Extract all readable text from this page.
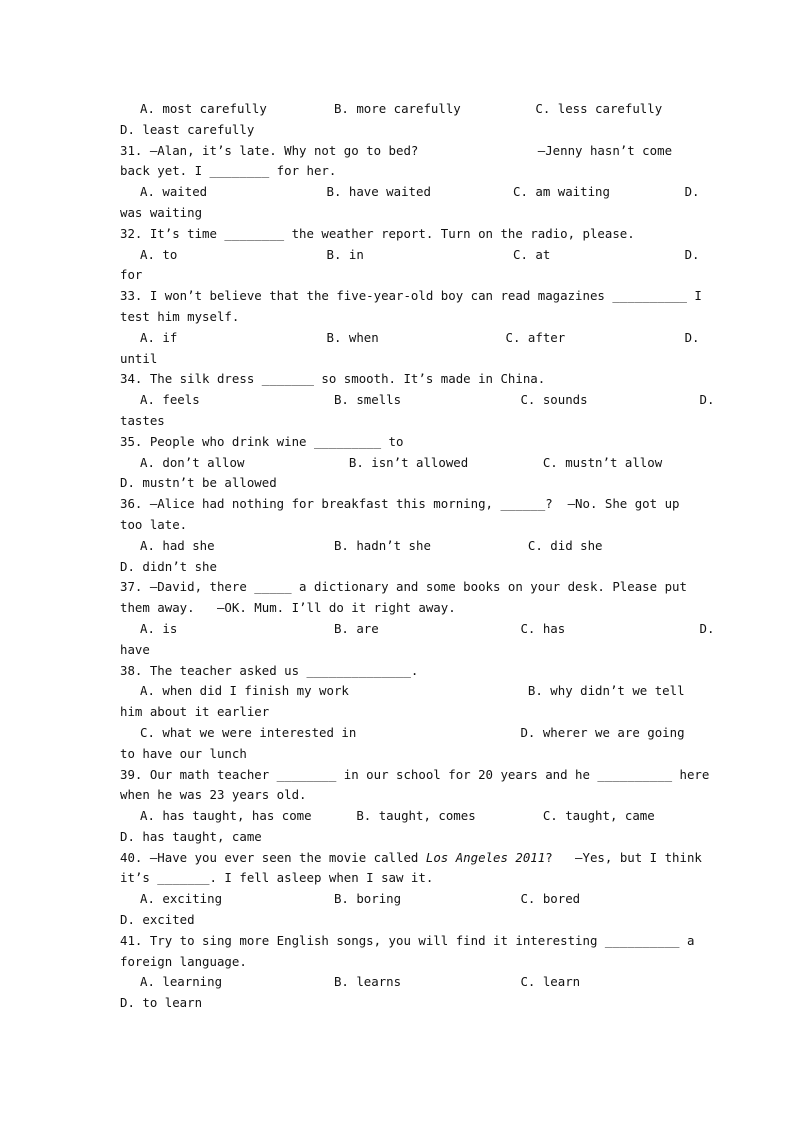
A. most carefully         B. more carefully          C. less carefully
D. least carefully
31. —Alan, it’s late. Why not go to bed?                —Jenny hasn’t come
back yet. I ________ for her.
A. waited                B. have waited           C. am waiting          D.
was waiting
32. It’s time ________ the weather report. Turn on the radio, please.
A. to                    B. in                    C. at                  D.
for
33. I won’t believe that the five-year-old boy can read magazines __________ I
test him myself.
A. if                    B. when                 C. after                D.
until
34. The silk dress _______ so smooth. It’s made in China.
A. feels                  B. smells                C. sounds               D.
tastes
35. People who drink wine _________ to
A. don’t allow              B. isn’t allowed          C. mustn’t allow
D. mustn’t be allowed
36. —Alice had nothing for breakfast this morning, ______?  —No. She got up
too late.
A. had she                B. hadn’t she             C. did she
D. didn’t she
37. —David, there _____ a dictionary and some books on your desk. Please put
them away.   —OK. Mum. I’ll do it right away.
A. is                     B. are                   C. has                  D.
have
38. The teacher asked us ______________.
A. when did I finish my work                        B. why didn’t we tell
him about it earlier
C. what we were interested in                      D. wherer we are going
to have our lunch
39. Our math teacher ________ in our school for 20 years and he __________ here
when he was 23 years old.
A. has taught, has come      B. taught, comes         C. taught, came
D. has taught, came
40. —Have you ever seen the movie called Los Angeles 2011?   —Yes, but I think
it’s _______. I fell asleep when I saw it.
A. exciting               B. boring                C. bored
D. excited
41. Try to sing more English songs, you will find it interesting __________ a
foreign language.
A. learning               B. learns                C. learn
D. to learn
